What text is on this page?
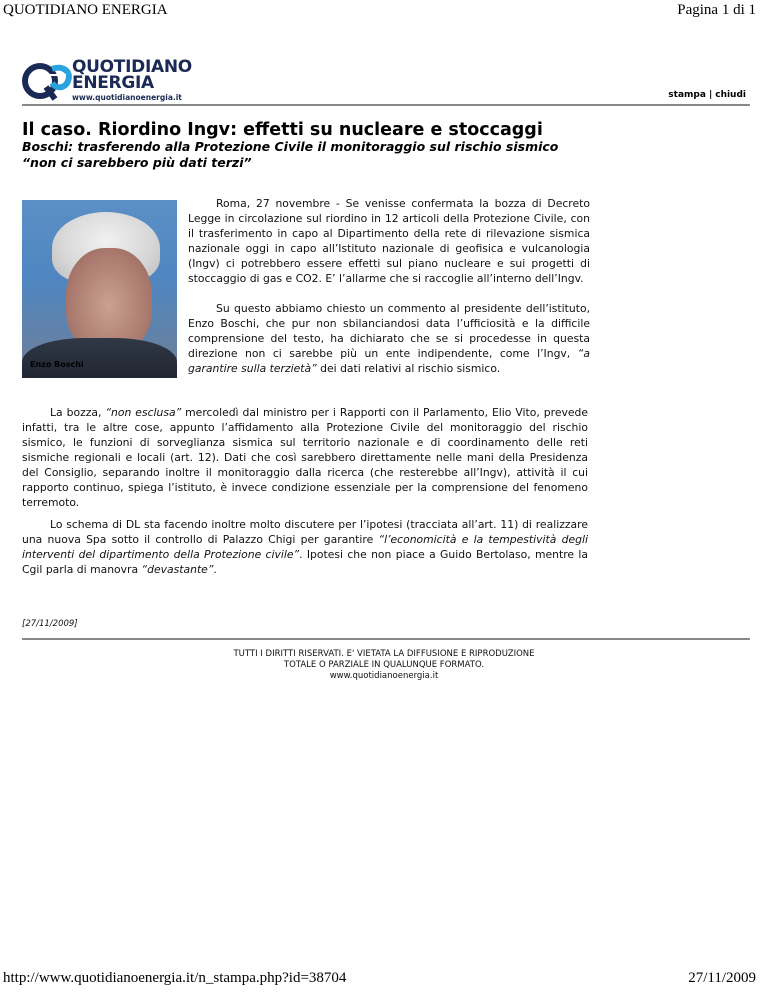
QUOTIDIANO ENERGIA	Pagina 1 di 1
QUOTIDIANO
ENERGIA
www.quotidianoenergia.it	stampa | chiudi
Il caso. Riordino Ingv: effetti su nucleare e stoccaggi
Boschi: trasferendo alla Protezione Civile il monitoraggio sul rischio sismico “non ci sarebbero più dati terzi”
Enzo Boschi

Roma, 27 novembre - Se venisse confermata la bozza di Decreto Legge in circolazione sul riordino in 12 articoli della Protezione Civile, con il trasferimento in capo al Dipartimento della rete di rilevazione sismica nazionale oggi in capo all’Istituto nazionale di geofisica e vulcanologia (Ingv) ci potrebbero essere effetti sul piano nucleare e sui progetti di stoccaggio di gas e CO2. E’ l’allarme che si raccoglie all’interno dell’Ingv.

Su questo abbiamo chiesto un commento al presidente dell’istituto, Enzo Boschi, che pur non sbilanciandosi data l’ufficiosità e la difficile comprensione del testo, ha dichiarato che se si procedesse in questa direzione non ci sarebbe più un ente indipendente, come l’Ingv, “a garantire sulla terzietà” dei dati relativi al rischio sismico.

La bozza, “non esclusa” mercoledì dal ministro per i Rapporti con il Parlamento, Elio Vito, prevede infatti, tra le altre cose, appunto l’affidamento alla Protezione Civile del monitoraggio del rischio sismico, le funzioni di sorveglianza sismica sul territorio nazionale e di coordinamento delle reti sismiche regionali e locali (art. 12). Dati che così sarebbero direttamente nelle mani della Presidenza del Consiglio, separando inoltre il monitoraggio dalla ricerca (che resterebbe all’Ingv), attività il cui rapporto continuo, spiega l’istituto, è invece condizione essenziale per la comprensione del fenomeno terremoto.

Lo schema di DL sta facendo inoltre molto discutere per l’ipotesi (tracciata all’art. 11) di realizzare una nuova Spa sotto il controllo di Palazzo Chigi per garantire “l’economicità e la tempestività degli interventi del dipartimento della Protezione civile”. Ipotesi che non piace a Guido Bertolaso, mentre la Cgil parla di manovra “devastante”.

[27/11/2009]
TUTTI I DIRITTI RISERVATI. E' VIETATA LA DIFFUSIONE E RIPRODUZIONE
TOTALE O PARZIALE IN QUALUNQUE FORMATO.
www.quotidianoenergia.it
http://www.quotidianoenergia.it/n_stampa.php?id=38704	27/11/2009
